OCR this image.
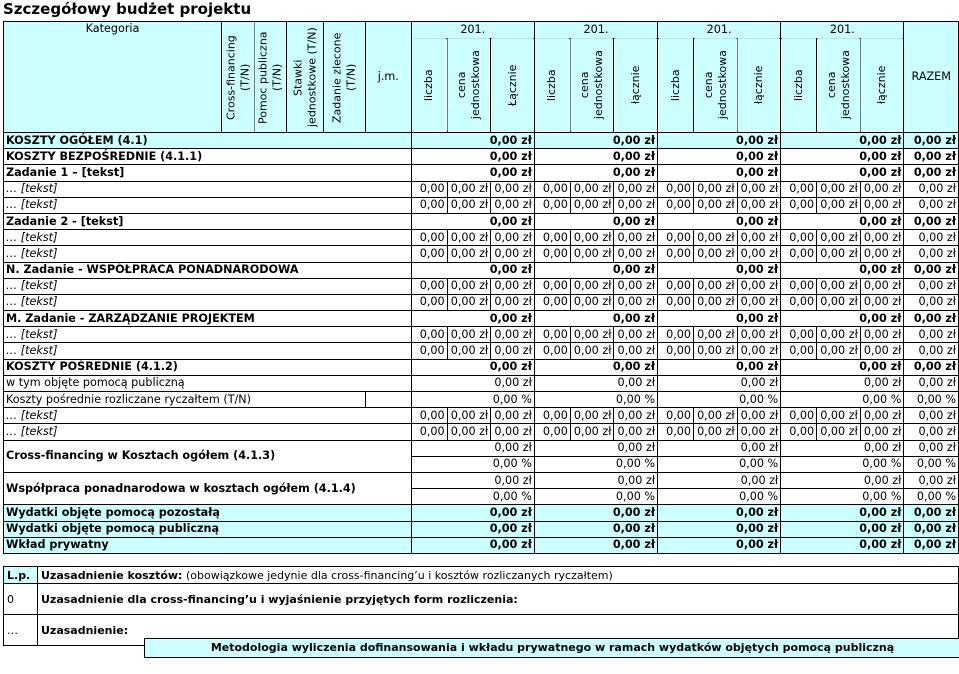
Szczegółowy budżet projektu
Kategoria	Cross-financing (T/N)	Pomoc publiczna (T/N)	Stawki jednostkowe (T/N)	Zadanie zlecone (T/N)	j.m.	201.			201.			201.			201.			RAZEM
						liczba	cena jednostkowa	Łącznie	liczba	cena jednostkowa	łącznie	liczba	cena jednostkowa	łącznie	liczba	cena jednostkowa	łącznie	
KOSZTY OGÓŁEM (4.1)						0,00 zł			0,00 zł			0,00 zł			0,00 zł			0,00 zł
KOSZTY BEZPOŚREDNIE (4.1.1)						0,00 zł			0,00 zł			0,00 zł			0,00 zł			0,00 zł
Zadanie 1 – [tekst]						0,00 zł			0,00 zł			0,00 zł			0,00 zł			0,00 zł
… [tekst]						0,00	0,00 zł	0,00 zł	0,00	0,00 zł	0,00 zł	0,00	0,00 zł	0,00 zł	0,00	0,00 zł	0,00 zł	0,00 zł
… [tekst]						0,00	0,00 zł	0,00 zł	0,00	0,00 zł	0,00 zł	0,00	0,00 zł	0,00 zł	0,00	0,00 zł	0,00 zł	0,00 zł
Zadanie 2 - [tekst]						0,00 zł			0,00 zł			0,00 zł			0,00 zł			0,00 zł
… [tekst]						0,00	0,00 zł	0,00 zł	0,00	0,00 zł	0,00 zł	0,00	0,00 zł	0,00 zł	0,00	0,00 zł	0,00 zł	0,00 zł
… [tekst]						0,00	0,00 zł	0,00 zł	0,00	0,00 zł	0,00 zł	0,00	0,00 zł	0,00 zł	0,00	0,00 zł	0,00 zł	0,00 zł
N. Zadanie - WSPÓŁPRACA PONADNARODOWA						0,00 zł			0,00 zł			0,00 zł			0,00 zł			0,00 zł
… [tekst]						0,00	0,00 zł	0,00 zł	0,00	0,00 zł	0,00 zł	0,00	0,00 zł	0,00 zł	0,00	0,00 zł	0,00 zł	0,00 zł
… [tekst]						0,00	0,00 zł	0,00 zł	0,00	0,00 zł	0,00 zł	0,00	0,00 zł	0,00 zł	0,00	0,00 zł	0,00 zł	0,00 zł
M. Zadanie - ZARZĄDZANIE PROJEKTEM						0,00 zł			0,00 zł			0,00 zł			0,00 zł			0,00 zł
… [tekst]						0,00	0,00 zł	0,00 zł	0,00	0,00 zł	0,00 zł	0,00	0,00 zł	0,00 zł	0,00	0,00 zł	0,00 zł	0,00 zł
… [tekst]						0,00	0,00 zł	0,00 zł	0,00	0,00 zł	0,00 zł	0,00	0,00 zł	0,00 zł	0,00	0,00 zł	0,00 zł	0,00 zł
KOSZTY POŚREDNIE (4.1.2)						0,00 zł			0,00 zł			0,00 zł			0,00 zł			0,00 zł
w tym objęte pomocą publiczną						0,00 zł			0,00 zł			0,00 zł			0,00 zł			0,00 zł
Koszty pośrednie rozliczane ryczałtem (T/N)						0,00 %			0,00 %			0,00 %			0,00 %			0,00 %
… [tekst]						0,00	0,00 zł	0,00 zł	0,00	0,00 zł	0,00 zł	0,00	0,00 zł	0,00 zł	0,00	0,00 zł	0,00 zł	0,00 zł
… [tekst]						0,00	0,00 zł	0,00 zł	0,00	0,00 zł	0,00 zł	0,00	0,00 zł	0,00 zł	0,00	0,00 zł	0,00 zł	0,00 zł
Cross-financing w Kosztach ogółem (4.1.3)						0,00 zł			0,00 zł			0,00 zł			0,00 zł			0,00 zł
						0,00 %			0,00 %			0,00 %			0,00 %			0,00 %
Współpraca ponadnarodowa w kosztach ogółem (4.1.4)						0,00 zł			0,00 zł			0,00 zł			0,00 zł			0,00 zł
						0,00 %			0,00 %			0,00 %			0,00 %			0,00 %
Wydatki objęte pomocą pozostałą						0,00 zł			0,00 zł			0,00 zł			0,00 zł			0,00 zł
Wydatki objęte pomocą publiczną						0,00 zł			0,00 zł			0,00 zł			0,00 zł			0,00 zł
Wkład prywatny						0,00 zł			0,00 zł			0,00 zł			0,00 zł			0,00 zł
L.p.	Uzasadnienie kosztów: (obowiązkowe jedynie dla cross-financing’u i kosztów rozliczanych ryczałtem)
0	Uzasadnienie dla cross-financing’u i wyjaśnienie przyjętych form rozliczenia:
…	Uzasadnienie:
Metodologia wyliczenia dofinansowania i wkładu prywatnego w ramach wydatków objętych pomocą publiczną
